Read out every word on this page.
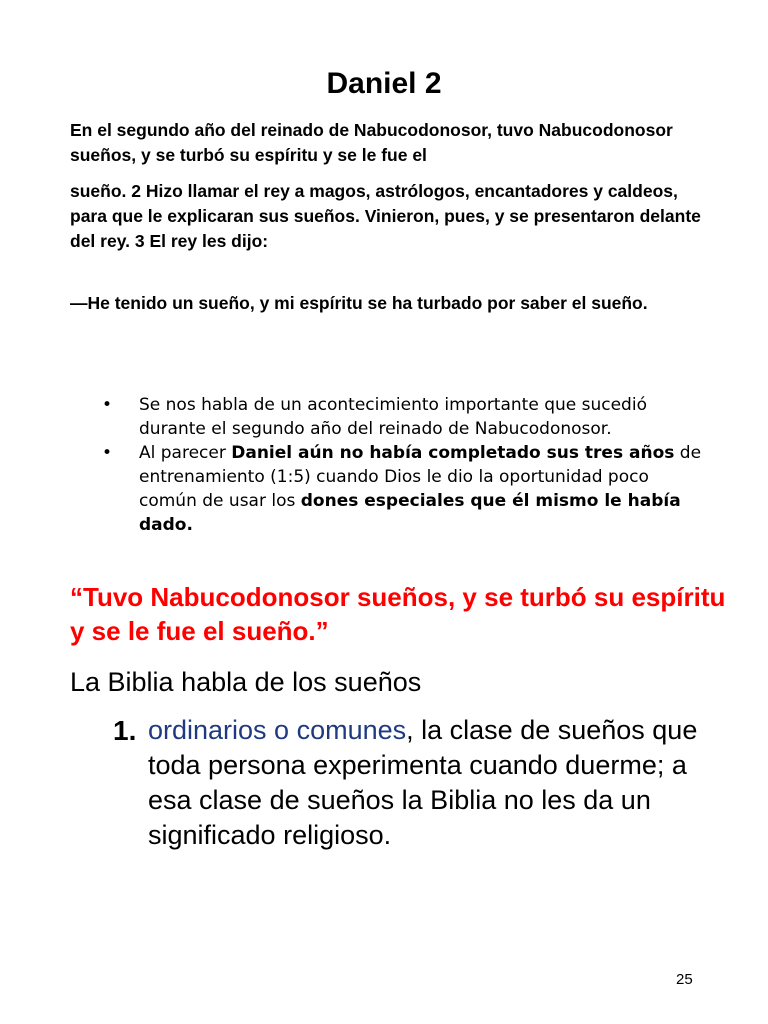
Daniel 2

En el segundo año del reinado de Nabucodonosor, tuvo Nabucodonosor sueños, y se turbó su espíritu y se le fue el

sueño. 2 Hizo llamar el rey a magos, astrólogos, encantadores y caldeos, para que le explicaran sus sueños. Vinieron, pues, y se presentaron delante del rey. 3 El rey les dijo:

—He tenido un sueño, y mi espíritu se ha turbado por saber el sueño.

• Se nos habla de un acontecimiento importante que sucedió durante el segundo año del reinado de Nabucodonosor.
• Al parecer Daniel aún no había completado sus tres años de entrenamiento (1:5) cuando Dios le dio la oportunidad poco común de usar los dones especiales que él mismo le había dado.

“Tuvo Nabucodonosor sueños, y se turbó su espíritu y se le fue el sueño.”

La Biblia habla de los sueños

1. ordinarios o comunes, la clase de sueños que toda persona experimenta cuando duerme; a esa clase de sueños la Biblia no les da un significado religioso.
25
